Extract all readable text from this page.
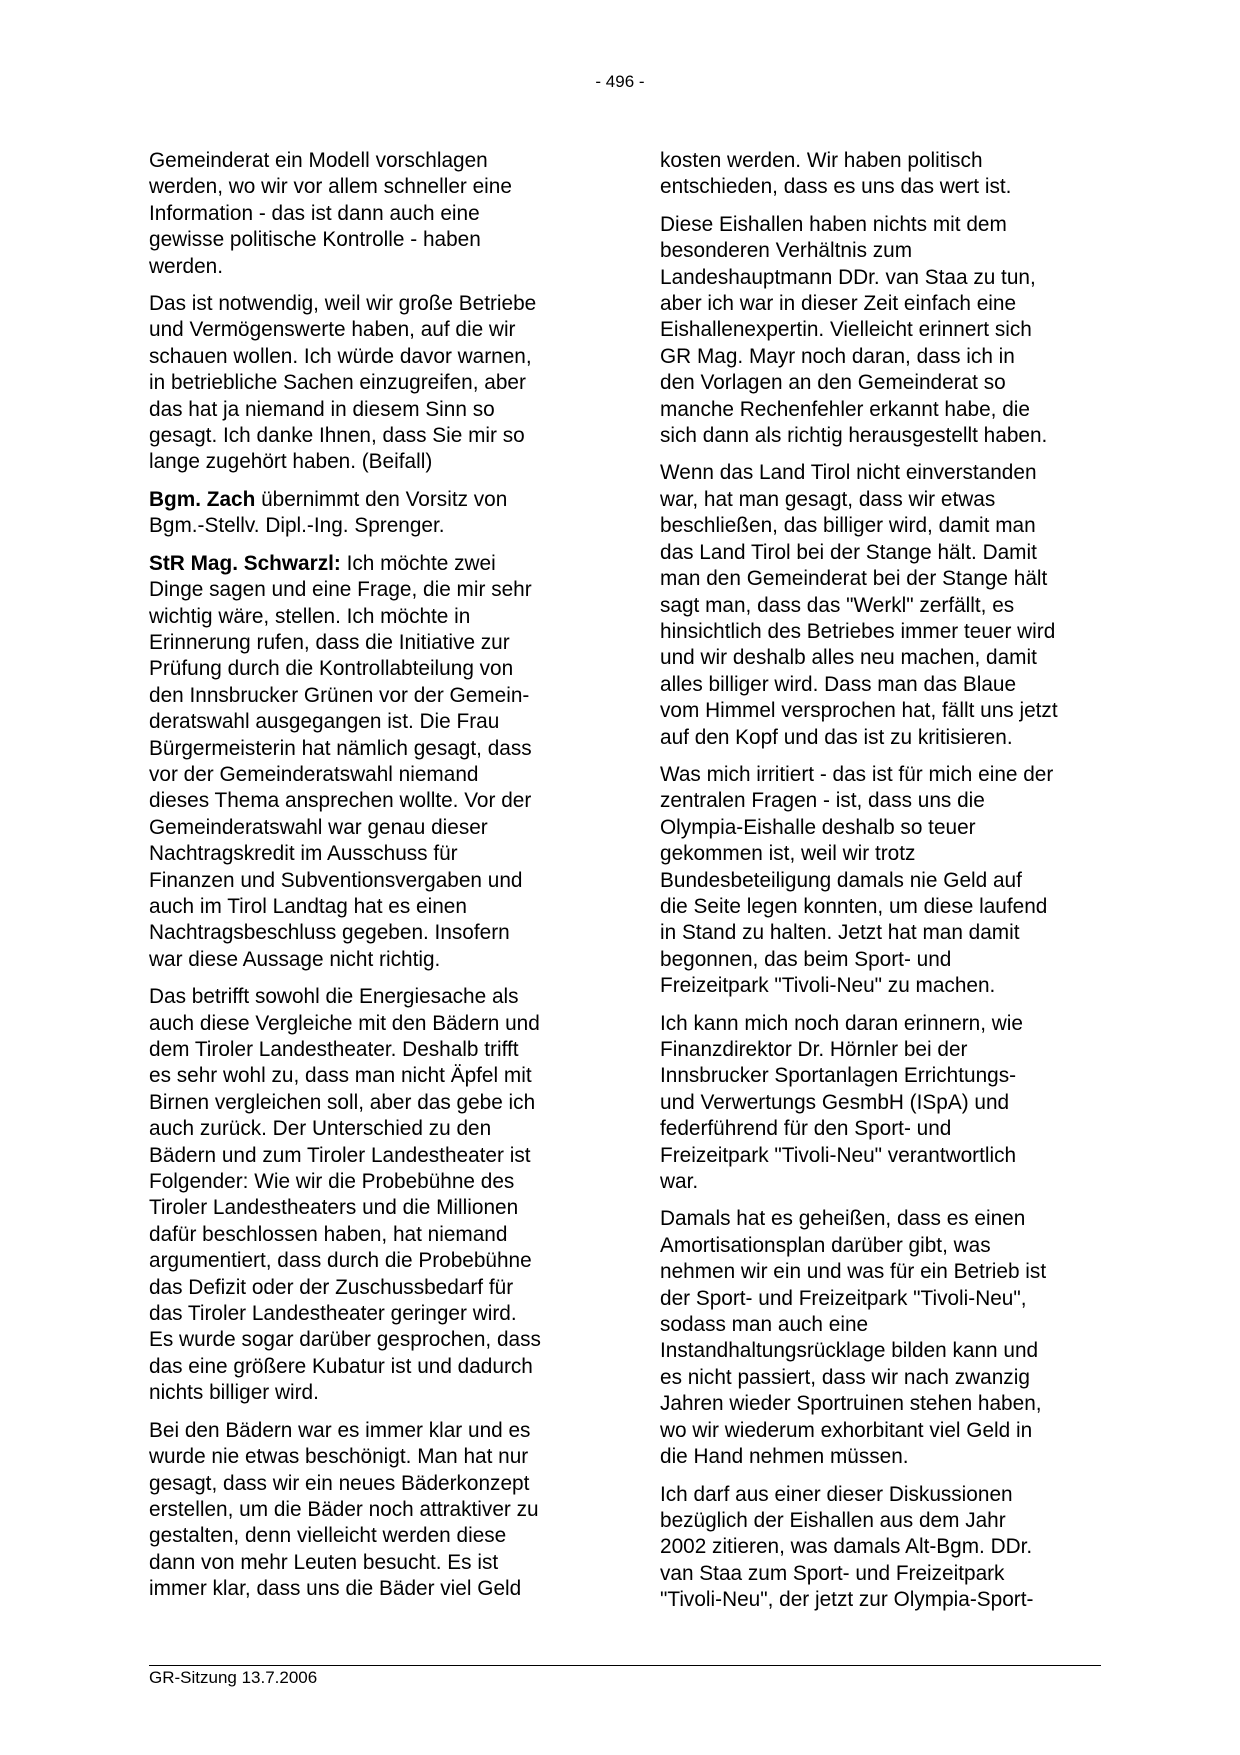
- 496 -

Gemeinderat ein Modell vorschlagen
werden, wo wir vor allem schneller eine
Information - das ist dann auch eine
gewisse politische Kontrolle - haben
werden.

Das ist notwendig, weil wir große Betriebe
und Vermögenswerte haben, auf die wir
schauen wollen. Ich würde davor warnen,
in betriebliche Sachen einzugreifen, aber
das hat ja niemand in diesem Sinn so
gesagt. Ich danke Ihnen, dass Sie mir so
lange zugehört haben. (Beifall)

Bgm. Zach übernimmt den Vorsitz von
Bgm.-Stellv. Dipl.-Ing. Sprenger.

StR Mag. Schwarzl: Ich möchte zwei
Dinge sagen und eine Frage, die mir sehr
wichtig wäre, stellen. Ich möchte in
Erinnerung rufen, dass die Initiative zur
Prüfung durch die Kontrollabteilung von
den Innsbrucker Grünen vor der Gemein-
deratswahl ausgegangen ist. Die Frau
Bürgermeisterin hat nämlich gesagt, dass
vor der Gemeinderatswahl niemand
dieses Thema ansprechen wollte. Vor der
Gemeinderatswahl war genau dieser
Nachtragskredit im Ausschuss für
Finanzen und Subventionsvergaben und
auch im Tirol Landtag hat es einen
Nachtragsbeschluss gegeben. Insofern
war diese Aussage nicht richtig.

Das betrifft sowohl die Energiesache als
auch diese Vergleiche mit den Bädern und
dem Tiroler Landestheater. Deshalb trifft
es sehr wohl zu, dass man nicht Äpfel mit
Birnen vergleichen soll, aber das gebe ich
auch zurück. Der Unterschied zu den
Bädern und zum Tiroler Landestheater ist
Folgender: Wie wir die Probebühne des
Tiroler Landestheaters und die Millionen
dafür beschlossen haben, hat niemand
argumentiert, dass durch die Probebühne
das Defizit oder der Zuschussbedarf für
das Tiroler Landestheater geringer wird.
Es wurde sogar darüber gesprochen, dass
das eine größere Kubatur ist und dadurch
nichts billiger wird.

Bei den Bädern war es immer klar und es
wurde nie etwas beschönigt. Man hat nur
gesagt, dass wir ein neues Bäderkonzept
erstellen, um die Bäder noch attraktiver zu
gestalten, denn vielleicht werden diese
dann von mehr Leuten besucht. Es ist
immer klar, dass uns die Bäder viel Geld

kosten werden. Wir haben politisch
entschieden, dass es uns das wert ist.

Diese Eishallen haben nichts mit dem
besonderen Verhältnis zum
Landeshauptmann DDr. van Staa zu tun,
aber ich war in dieser Zeit einfach eine
Eishallenexpertin. Vielleicht erinnert sich
GR Mag. Mayr noch daran, dass ich in
den Vorlagen an den Gemeinderat so
manche Rechenfehler erkannt habe, die
sich dann als richtig herausgestellt haben.

Wenn das Land Tirol nicht einverstanden
war, hat man gesagt, dass wir etwas
beschließen, das billiger wird, damit man
das Land Tirol bei der Stange hält. Damit
man den Gemeinderat bei der Stange hält
sagt man, dass das "Werkl" zerfällt, es
hinsichtlich des Betriebes immer teuer wird
und wir deshalb alles neu machen, damit
alles billiger wird. Dass man das Blaue
vom Himmel versprochen hat, fällt uns jetzt
auf den Kopf und das ist zu kritisieren.

Was mich irritiert - das ist für mich eine der
zentralen Fragen - ist, dass uns die
Olympia-Eishalle deshalb so teuer
gekommen ist, weil wir trotz
Bundesbeteiligung damals nie Geld auf
die Seite legen konnten, um diese laufend
in Stand zu halten. Jetzt hat man damit
begonnen, das beim Sport- und
Freizeitpark "Tivoli-Neu" zu machen.

Ich kann mich noch daran erinnern, wie
Finanzdirektor Dr. Hörnler bei der
Innsbrucker Sportanlagen Errichtungs-
und Verwertungs GesmbH (ISpA) und
federführend für den Sport- und
Freizeitpark "Tivoli-Neu" verantwortlich
war.

Damals hat es geheißen, dass es einen
Amortisationsplan darüber gibt, was
nehmen wir ein und was für ein Betrieb ist
der Sport- und Freizeitpark "Tivoli-Neu",
sodass man auch eine
Instandhaltungsrücklage bilden kann und
es nicht passiert, dass wir nach zwanzig
Jahren wieder Sportruinen stehen haben,
wo wir wiederum exhorbitant viel Geld in
die Hand nehmen müssen.

Ich darf aus einer dieser Diskussionen
bezüglich der Eishallen aus dem Jahr
2002 zitieren, was damals Alt-Bgm. DDr.
van Staa zum Sport- und Freizeitpark
"Tivoli-Neu", der jetzt zur Olympia-Sport-

GR-Sitzung 13.7.2006
